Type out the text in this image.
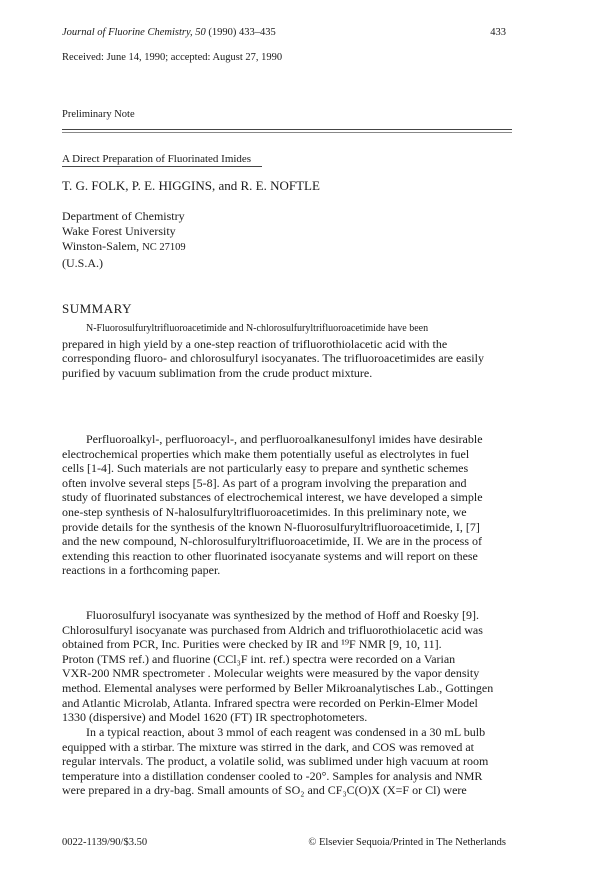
Journal of Fluorine Chemistry, 50 (1990) 433–435	433
Received: June 14, 1990; accepted: August 27, 1990
Preliminary Note
A Direct Preparation of Fluorinated Imides
T. G. FOLK, P. E. HIGGINS, and R. E. NOFTLE
Department of Chemistry
Wake Forest University
Winston-Salem, NC 27109
(U.S.A.)
SUMMARY
N-Fluorosulfuryltrifluoroacetimide and N-chlorosulfuryltrifluoroacetimide have been
prepared in high yield by a one-step reaction of trifluorothiolacetic acid with the
corresponding fluoro- and chlorosulfuryl isocyanates. The trifluoroacetimides are easily
purified by vacuum sublimation from the crude product mixture.
Perfluoroalkyl-, perfluoroacyl-, and perfluoroalkanesulfonyl imides have desirable
electrochemical properties which make them potentially useful as electrolytes in fuel
cells [1-4]. Such materials are not particularly easy to prepare and synthetic schemes
often involve several steps [5-8]. As part of a program involving the preparation and
study of fluorinated substances of electrochemical interest, we have developed a simple
one-step synthesis of N-halosulfuryltrifluoroacetimides. In this preliminary note, we
provide details for the synthesis of the known N-fluorosulfuryltrifluoroacetimide, I, [7]
and the new compound, N-chlorosulfuryltrifluoroacetimide, II. We are in the process of
extending this reaction to other fluorinated isocyanate systems and will report on these
reactions in a forthcoming paper.
Fluorosulfuryl isocyanate was synthesized by the method of Hoff and Roesky [9].
Chlorosulfuryl isocyanate was purchased from Aldrich and trifluorothiolacetic acid was
obtained from PCR, Inc. Purities were checked by IR and ¹⁹F NMR [9, 10, 11].
Proton (TMS ref.) and fluorine (CCl₃F int. ref.) spectra were recorded on a Varian
VXR-200 NMR spectrometer . Molecular weights were measured by the vapor density
method. Elemental analyses were performed by Beller Mikroanalytisches Lab., Gottingen
and Atlantic Microlab, Atlanta. Infrared spectra were recorded on Perkin-Elmer Model
1330 (dispersive) and Model 1620 (FT) IR spectrophotometers.
In a typical reaction, about 3 mmol of each reagent was condensed in a 30 mL bulb
equipped with a stirbar. The mixture was stirred in the dark, and COS was removed at
regular intervals. The product, a volatile solid, was sublimed under high vacuum at room
temperature into a distillation condenser cooled to -20°. Samples for analysis and NMR
were prepared in a dry-bag. Small amounts of SO₂ and CF₃C(O)X (X=F or Cl) were
0022-1139/90/$3.50	© Elsevier Sequoia/Printed in The Netherlands
